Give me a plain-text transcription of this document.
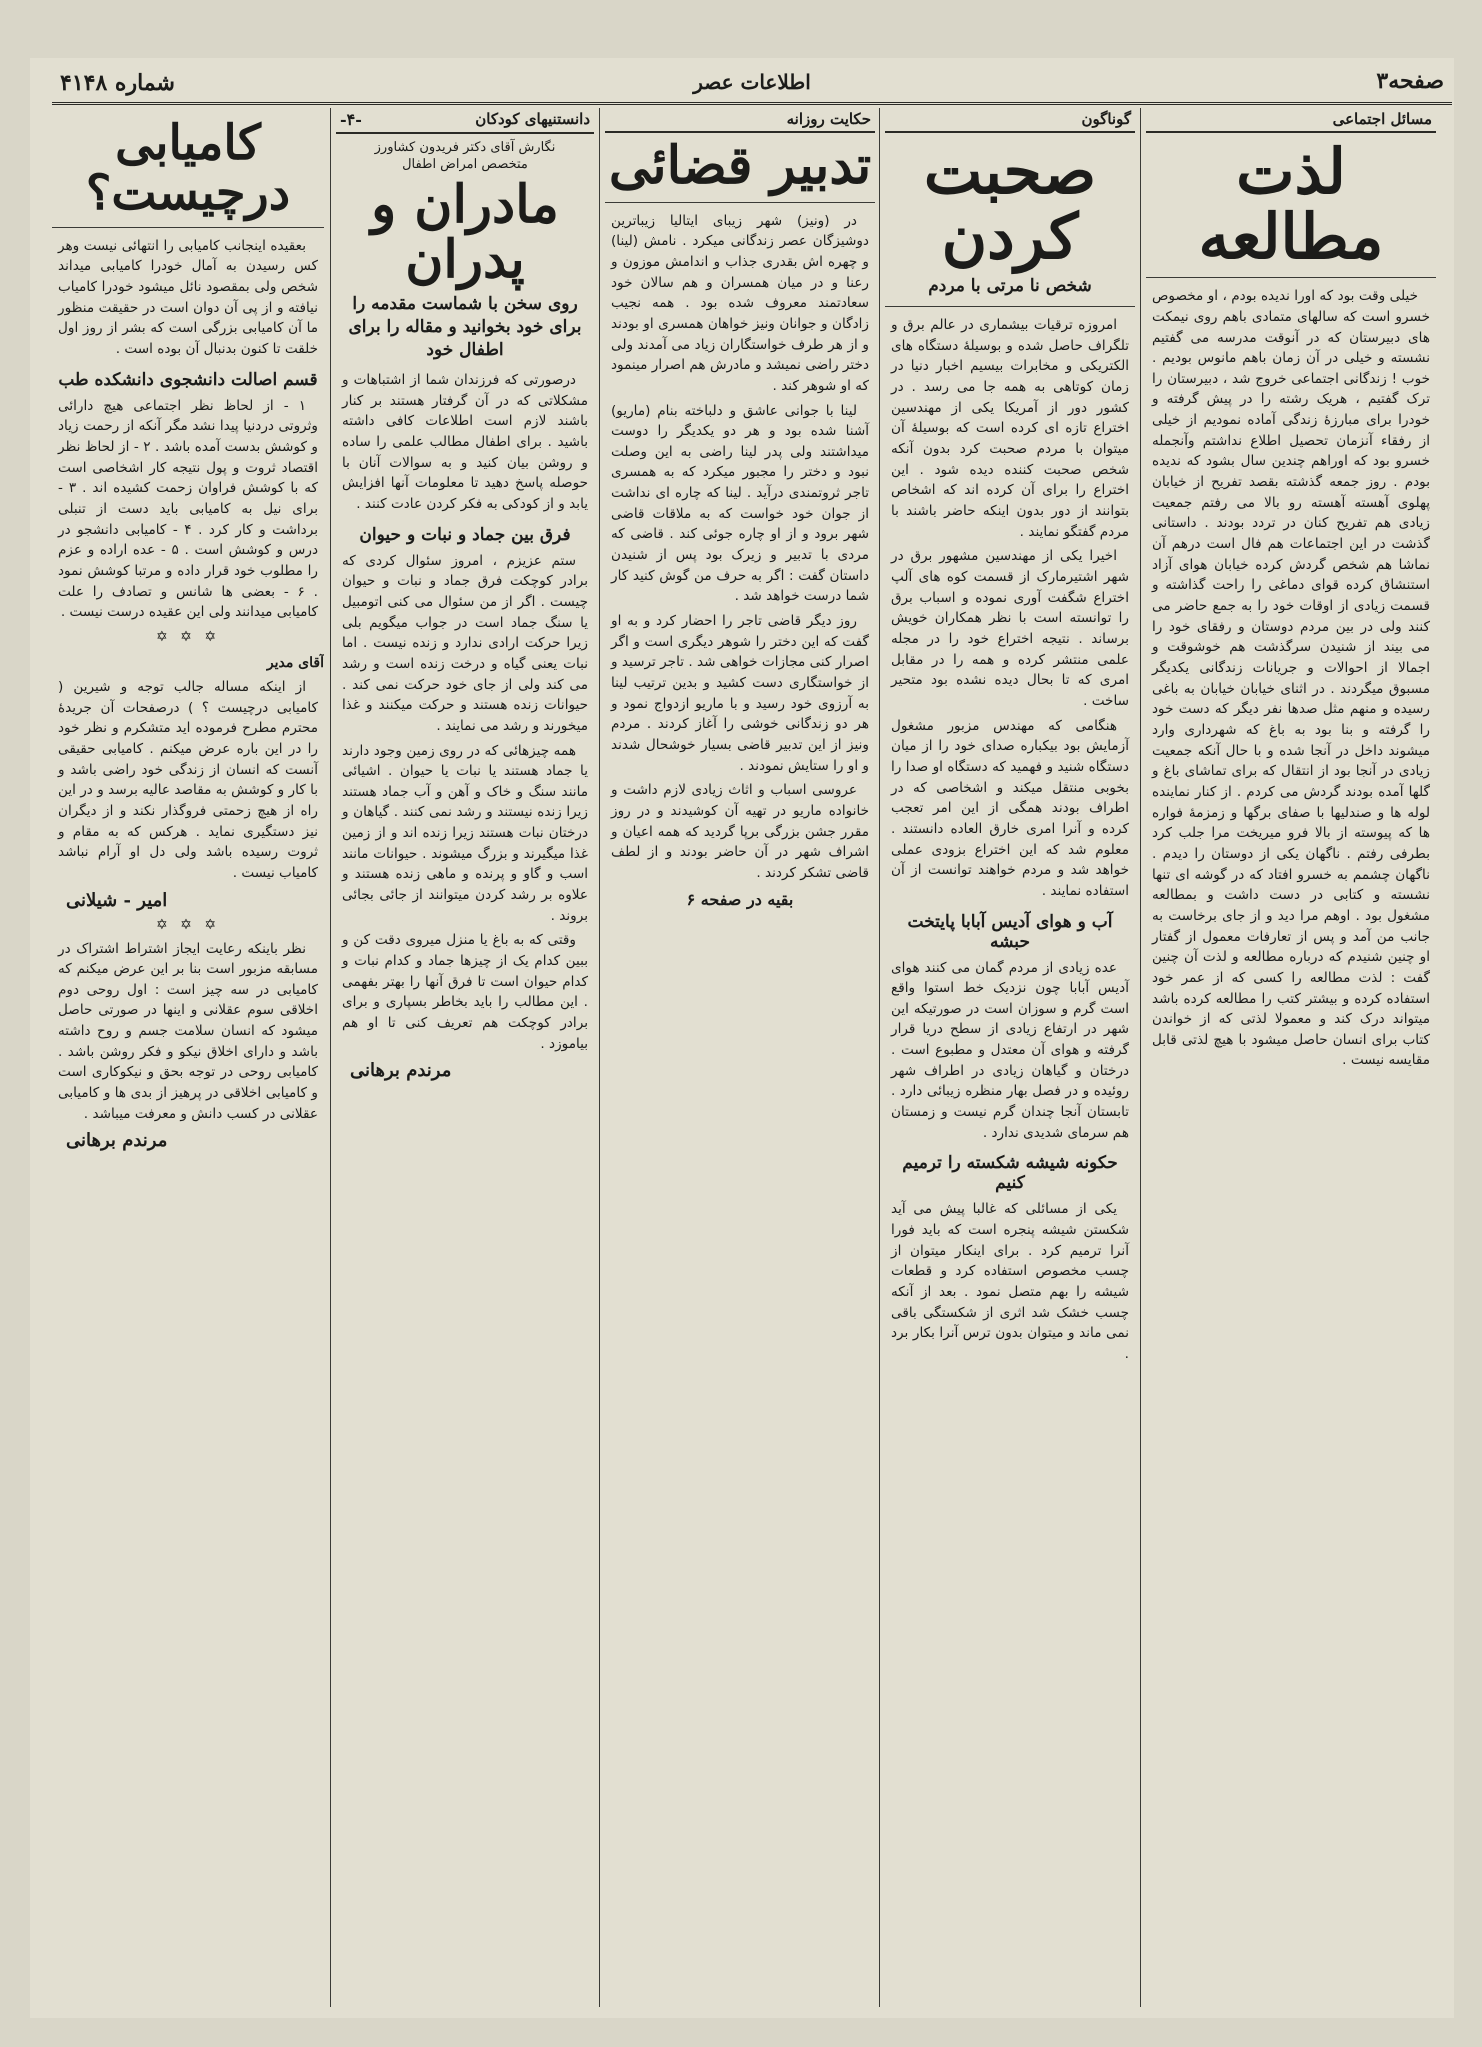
صفحه۳
اطلاعات عصر
شماره ۴۱۴۸
مسائل اجتماعی
لذت مطالعه

خیلی وقت بود که اورا ندیده بودم ، او مخصوص خسرو است که سالهای متمادی باهم روی نیمکت های دبیرستان که در آنوقت مدرسه می گفتیم نشسته و خیلی در آن زمان باهم مانوس بودیم . خوب ! زندگانی اجتماعی خروج شد ، دبیرستان را ترک گفتیم ، هریک رشته را در پیش گرفته و خودرا برای مبارزهٔ زندگی آماده نمودیم از خیلی از رفقاء آنزمان تحصیل اطلاع نداشتم وآنجمله خسرو بود که اوراهم چندین سال بشود که ندیده بودم . روز جمعه گذشته بقصد تفریح از خیابان پهلوی آهسته آهسته رو بالا می رفتم جمعیت زیادی هم تفریح کنان در تردد بودند . داستانی گذشت در این اجتماعات هم فال است درهم آن نماشا هم شخص گردش کرده خیابان هوای آزاد استنشاق کرده قوای دماغی را راحت گذاشته و قسمت زیادی از اوقات خود را به جمع حاضر می کنند ولی در بین مردم دوستان و رفقای خود را می بیند از شنیدن سرگذشت هم خوشوقت و اجمالا از احوالات و جریانات زندگانی یکدیگر مسبوق میگردند . در اثنای خیابان خیابان به باغی رسیده و منهم مثل صدها نفر دیگر که دست خود را گرفته و بنا بود به باغ که شهرداری وارد میشوند داخل در آنجا شده و با حال آنکه جمعیت زیادی در آنجا بود از انتقال که برای تماشای باغ و گلها آمده بودند گردش می کردم . از کنار نماینده لوله ها و صندلیها با صفای برگها و زمزمهٔ فواره ها که پیوسته از بالا فرو میریخت مرا جلب کرد بطرفی رفتم . ناگهان یکی از دوستان را دیدم . ناگهان چشمم به خسرو افتاد که در گوشه ای تنها نشسته و کتابی در دست داشت و بمطالعه مشغول بود . اوهم مرا دید و از جای برخاست به جانب من آمد و پس از تعارفات معمول از گفتار او چنین شنیدم که درباره مطالعه و لذت آن چنین گفت : لذت مطالعه را کسی که از عمر خود استفاده کرده و بیشتر کتب را مطالعه کرده باشد میتواند درک کند و معمولا لذتی که از خواندن کتاب برای انسان حاصل میشود با هیچ لذتی قابل مقایسه نیست .

گوناگون
صحبت کردن
شخص نا مرتی با مردم

امروزه ترقیات بیشماری در عالم برق و تلگراف حاصل شده و بوسیلهٔ دستگاه های الکتریکی و مخابرات بیسیم اخبار دنیا در زمان کوتاهی به همه جا می رسد . در کشور دور از آمریکا یکی از مهندسین اختراع تازه ای کرده است که بوسیلهٔ آن میتوان با مردم صحبت کرد بدون آنکه شخص صحبت کننده دیده شود . این اختراع را برای آن کرده اند که اشخاص بتوانند از دور بدون اینکه حاضر باشند با مردم گفتگو نمایند .

اخیرا یکی از مهندسین مشهور برق در شهر اشتیرمارک از قسمت کوه های آلپ اختراع شگفت آوری نموده و اسباب برق را توانسته است با نظر همکاران خویش برساند . نتیجه اختراع خود را در مجله علمی منتشر کرده و همه را در مقابل امری که تا بحال دیده نشده بود متحیر ساخت .

هنگامی که مهندس مزبور مشغول آزمایش بود بیکباره صدای خود را از میان دستگاه شنید و فهمید که دستگاه او صدا را بخوبی منتقل میکند و اشخاصی که در اطراف بودند همگی از این امر تعجب کرده و آنرا امری خارق العاده دانستند . معلوم شد که این اختراع بزودی عملی خواهد شد و مردم خواهند توانست از آن استفاده نمایند .

آب و هوای آدیس آبابا پایتخت حبشه

عده زیادی از مردم گمان می کنند هوای آدیس آبابا چون نزدیک خط استوا واقع است گرم و سوزان است در صورتیکه این شهر در ارتفاع زیادی از سطح دریا قرار گرفته و هوای آن معتدل و مطبوع است . درختان و گیاهان زیادی در اطراف شهر روئیده و در فصل بهار منظره زیبائی دارد . تابستان آنجا چندان گرم نیست و زمستان هم سرمای شدیدی ندارد .

حکونه شیشه شکسته را ترمیم کنیم

یکی از مسائلی که غالبا پیش می آید شکستن شیشه پنجره است که باید فورا آنرا ترمیم کرد . برای اینکار میتوان از چسب مخصوص استفاده کرد و قطعات شیشه را بهم متصل نمود . بعد از آنکه چسب خشک شد اثری از شکستگی باقی نمی ماند و میتوان بدون ترس آنرا بکار برد .

حکایت روزانه
تدبیر قضائی

در (ونیز) شهر زیبای ایتالیا زیباترین دوشیزگان عصر زندگانی میکرد . نامش (لینا) و چهره اش بقدری جذاب و اندامش موزون و رعنا و در میان همسران و هم سالان خود سعادتمند معروف شده بود . همه نجیب زادگان و جوانان ونیز خواهان همسری او بودند و از هر طرف خواستگاران زیاد می آمدند ولی دختر راضی نمیشد و مادرش هم اصرار مینمود که او شوهر کند .

لینا با جوانی عاشق و دلباخته بنام (ماریو) آشنا شده بود و هر دو یکدیگر را دوست میداشتند ولی پدر لینا راضی به این وصلت نبود و دختر را مجبور میکرد که به همسری تاجر ثروتمندی درآید . لینا که چاره ای نداشت از جوان خود خواست که به ملاقات قاضی شهر برود و از او چاره جوئی کند . قاضی که مردی با تدبیر و زیرک بود پس از شنیدن داستان گفت : اگر به حرف من گوش کنید کار شما درست خواهد شد .

روز دیگر قاضی تاجر را احضار کرد و به او گفت که این دختر را شوهر دیگری است و اگر اصرار کنی مجازات خواهی شد . تاجر ترسید و از خواستگاری دست کشید و بدین ترتیب لینا به آرزوی خود رسید و با ماریو ازدواج نمود و هر دو زندگانی خوشی را آغاز کردند . مردم ونیز از این تدبیر قاضی بسیار خوشحال شدند و او را ستایش نمودند .

عروسی اسباب و اثاث زیادی لازم داشت و خانواده ماریو در تهیه آن کوشیدند و در روز مقرر جشن بزرگی برپا گردید که همه اعیان و اشراف شهر در آن حاضر بودند و از لطف قاضی تشکر کردند .

بقیه در صفحه ۶
دانستنیهای کودکان
-۴-
نگارش آقای دکتر فریدون کشاورز
متخصص امراض اطفال
مادران و پدران
روی سخن با شماست مقدمه را برای خود بخوانید و مقاله را برای اطفال خود

درصورتی که فرزندان شما از اشتباهات و مشکلاتی که در آن گرفتار هستند بر کنار باشند لازم است اطلاعات کافی داشته باشید . برای اطفال مطالب علمی را ساده و روشن بیان کنید و به سوالات آنان با حوصله پاسخ دهید تا معلومات آنها افزایش یابد و از کودکی به فکر کردن عادت کنند .

فرق بین جماد و نبات و حیوان

ستم عزیزم ، امروز سئوال کردی که برادر کوچکت فرق جماد و نبات و حیوان چیست . اگر از من سئوال می کنی اتومبیل یا سنگ جماد است در جواب میگویم بلی زیرا حرکت ارادی ندارد و زنده نیست . اما نبات یعنی گیاه و درخت زنده است و رشد می کند ولی از جای خود حرکت نمی کند . حیوانات زنده هستند و حرکت میکنند و غذا میخورند و رشد می نمایند .

همه چیزهائی که در روی زمین وجود دارند یا جماد هستند یا نبات یا حیوان . اشیائی مانند سنگ و خاک و آهن و آب جماد هستند زیرا زنده نیستند و رشد نمی کنند . گیاهان و درختان نبات هستند زیرا زنده اند و از زمین غذا میگیرند و بزرگ میشوند . حیوانات مانند اسب و گاو و پرنده و ماهی زنده هستند و علاوه بر رشد کردن میتوانند از جائی بجائی بروند .

وقتی که به باغ یا منزل میروی دقت کن و ببین کدام یک از چیزها جماد و کدام نبات و کدام حیوان است تا فرق آنها را بهتر بفهمی . این مطالب را باید بخاطر بسپاری و برای برادر کوچکت هم تعریف کنی تا او هم بیاموزد .

مرندم برهانی
کامیابی درچیست؟

بعقیده اینجانب کامیابی را انتهائی نیست وهر کس رسیدن به آمال خودرا کامیابی میداند شخص ولی بمقصود نائل میشود خودرا کامیاب نیافته و از پی آن دوان است در حقیقت منظور ما آن کامیابی بزرگی است که بشر از روز اول خلقت تا کنون بدنبال آن بوده است .

قسم اصالت دانشجوی دانشکده طب

۱ - از لحاظ نظر اجتماعی هیچ دارائی وثروتی دردنیا پیدا نشد مگر آنکه از رحمت زیاد و کوشش بدست آمده باشد . ۲ - از لحاظ نظر اقتصاد ثروت و پول نتیجه کار اشخاصی است که با کوشش فراوان زحمت کشیده اند . ۳ - برای نیل به کامیابی باید دست از تنبلی برداشت و کار کرد . ۴ - کامیابی دانشجو در درس و کوشش است . ۵ - عده اراده و عزم را مطلوب خود قرار داده و مرتبا کوشش نمود . ۶ - بعضی ها شانس و تصادف را علت کامیابی میدانند ولی این عقیده درست نیست .

✡ ✡ ✡
آقای مدیر

از اینکه مساله جالب توجه و شیرین ( کامیابی درچیست ؟ ) درصفحات آن جریدهٔ محترم مطرح فرموده اید متشکرم و نظر خود را در این باره عرض میکنم . کامیابی حقیقی آنست که انسان از زندگی خود راضی باشد و با کار و کوشش به مقاصد عالیه برسد و در این راه از هیچ زحمتی فروگذار نکند و از دیگران نیز دستگیری نماید . هرکس که به مقام و ثروت رسیده باشد ولی دل او آرام نباشد کامیاب نیست .

امیر - شیلانی
✡ ✡ ✡

نظر باینکه رعایت ایجاز اشتراط اشتراک در مسابقه مزبور است بنا بر این عرض میکنم که کامیابی در سه چیز است : اول روحی دوم اخلاقی سوم عقلانی و اینها در صورتی حاصل میشود که انسان سلامت جسم و روح داشته باشد و دارای اخلاق نیکو و فکر روشن باشد . کامیابی روحی در توجه بحق و نیکوکاری است و کامیابی اخلاقی در پرهیز از بدی ها و کامیابی عقلانی در کسب دانش و معرفت میباشد .

مرندم برهانی
